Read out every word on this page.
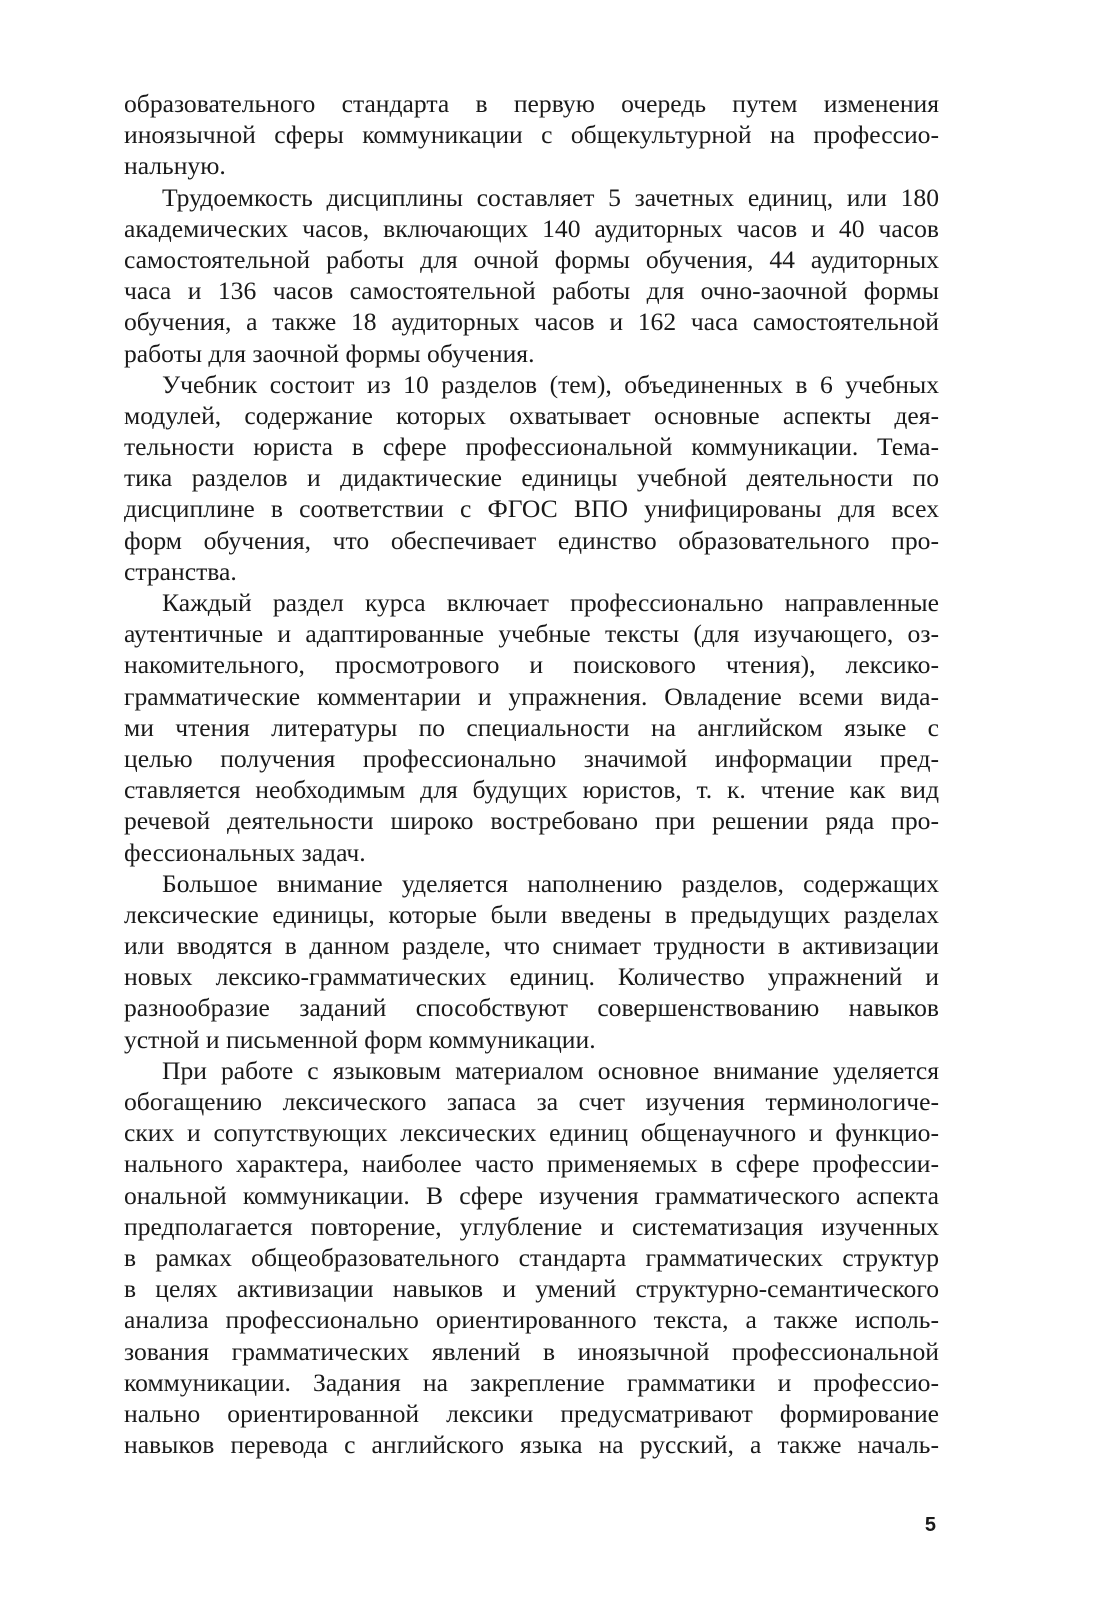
образовательного стандарта в первую очередь путем изменения
иноязычной сферы коммуникации с общекультурной на профессио-
нальную.
Трудоемкость дисциплины составляет 5 зачетных единиц, или 180
академических часов, включающих 140 аудиторных часов и 40 часов
самостоятельной работы для очной формы обучения, 44 аудиторных
часа и 136 часов самостоятельной работы для очно-заочной формы
обучения, а также 18 аудиторных часов и 162 часа самостоятельной
работы для заочной формы обучения.
Учебник состоит из 10 разделов (тем), объединенных в 6 учебных
модулей, содержание которых охватывает основные аспекты дея-
тельности юриста в сфере профессиональной коммуникации. Тема-
тика разделов и дидактические единицы учебной деятельности по
дисциплине в соответствии с ФГОС ВПО унифицированы для всех
форм обучения, что обеспечивает единство образовательного про-
странства.
Каждый раздел курса включает профессионально направленные
аутентичные и адаптированные учебные тексты (для изучающего, оз-
накомительного, просмотрового и поискового чтения), лексико-
грамматические комментарии и упражнения. Овладение всеми вида-
ми чтения литературы по специальности на английском языке с
целью получения профессионально значимой информации пред-
ставляется необходимым для будущих юристов, т. к. чтение как вид
речевой деятельности широко востребовано при решении ряда про-
фессиональных задач.
Большое внимание уделяется наполнению разделов, содержащих
лексические единицы, которые были введены в предыдущих разделах
или вводятся в данном разделе, что снимает трудности в активизации
новых лексико-грамматических единиц. Количество упражнений и
разнообразие заданий способствуют совершенствованию навыков
устной и письменной форм коммуникации.
При работе с языковым материалом основное внимание уделяется
обогащению лексического запаса за счет изучения терминологиче-
ских и сопутствующих лексических единиц общенаучного и функцио-
нального характера, наиболее часто применяемых в сфере профессии-
ональной коммуникации. В сфере изучения грамматического аспекта
предполагается повторение, углубление и систематизация изученных
в рамках общеобразовательного стандарта грамматических структур
в целях активизации навыков и умений структурно-семантического
анализа профессионально ориентированного текста, а также исполь-
зования грамматических явлений в иноязычной профессиональной
коммуникации. Задания на закрепление грамматики и профессио-
нально ориентированной лексики предусматривают формирование
навыков перевода с английского языка на русский, а также началь-
5
